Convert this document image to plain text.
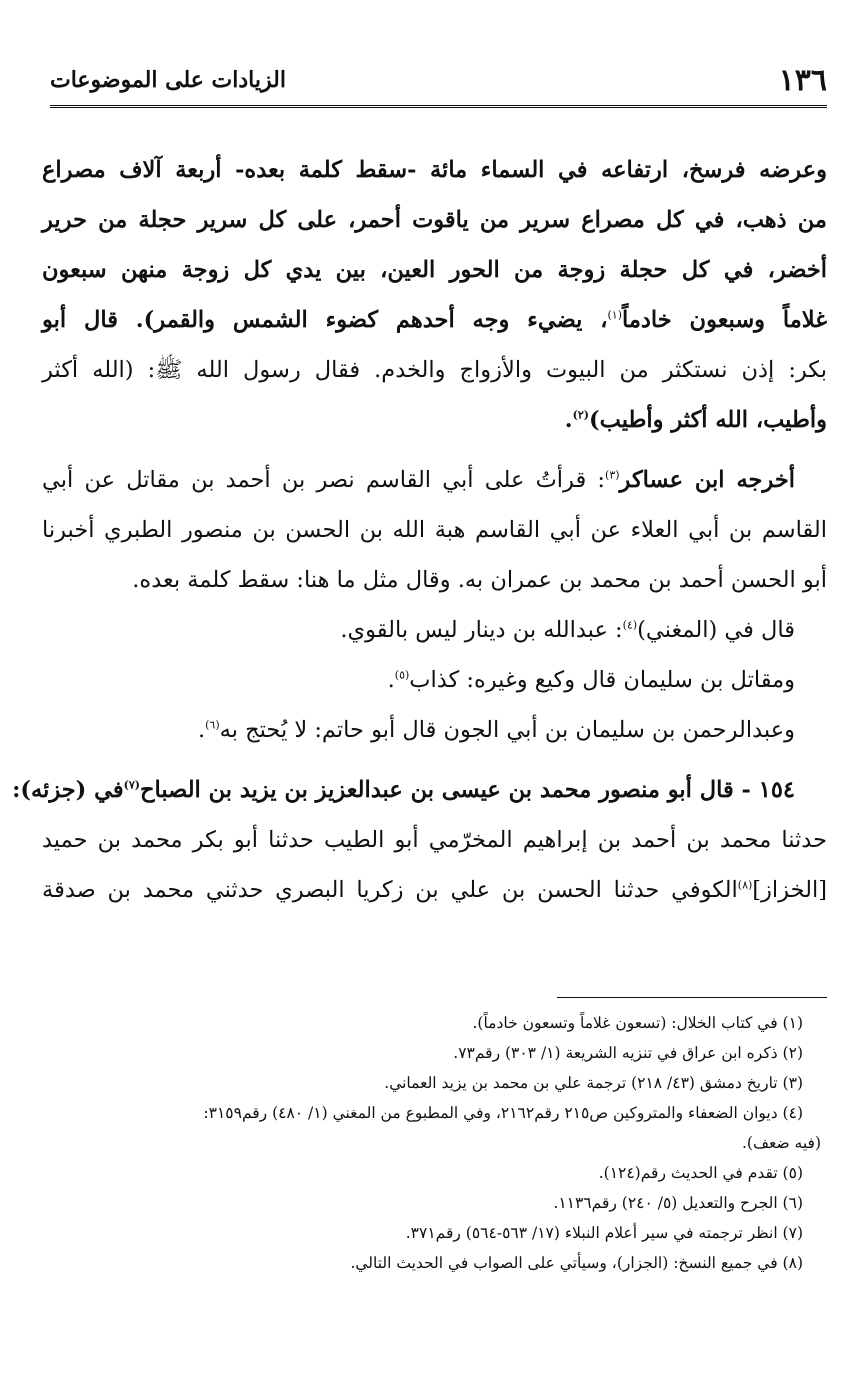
١٣٦
الزيادات على الموضوعات
وعرضه فرسخ، ارتفاعه في السماء مائة -سقط كلمة بعده- أربعة آلاف مصراع
من ذهب، في كل مصراع سرير من ياقوت أحمر، على كل سرير حجلة من حرير
أخضر، في كل حجلة زوجة من الحور العين، بين يدي كل زوجة منهن سبعون
غلاماً وسبعون خادماً$^{(١)}$، يضيء وجه أحدهم كضوء الشمس والقمر). قال أبو
بكر: إذن نستكثر من البيوت والأزواج والخدم. فقال رسول الله ﷺ: (الله أكثر
وأطيب، الله أكثر وأطيب)$^{(٢)}$.
أخرجه ابن عساكر$^{(٣)}$: قرأتُ على أبي القاسم نصر بن أحمد بن مقاتل عن أبي
القاسم بن أبي العلاء عن أبي القاسم هبة الله بن الحسن بن منصور الطبري أخبرنا
أبو الحسن أحمد بن محمد بن عمران به. وقال مثل ما هنا: سقط كلمة بعده.
قال في (المغني)$^{(٤)}$: عبدالله بن دينار ليس بالقوي.
ومقاتل بن سليمان قال وكيع وغيره: كذاب$^{(٥)}$.
وعبدالرحمن بن سليمان بن أبي الجون قال أبو حاتم: لا يُحتج به$^{(٦)}$.
١٥٤ - قال أبو منصور محمد بن عيسى بن عبدالعزيز بن يزيد بن الصباح$^{(٧)}$في (جزئه):
حدثنا محمد بن أحمد بن إبراهيم المخرّمي أبو الطيب حدثنا أبو بكر محمد بن حميد
[الخزاز]$^{(٨)}$الكوفي حدثنا الحسن بن علي بن زكريا البصري حدثني محمد بن صدقة
(١) في كتاب الخلال: (تسعون غلاماً وتسعون خادماً).
(٢) ذكره ابن عراق في تنزيه الشريعة (١/ ٣٠٣) رقم٧٣.
(٣) تاريخ دمشق (٤٣/ ٢١٨) ترجمة علي بن محمد بن يزيد العماني.
(٤) ديوان الضعفاء والمتروكين ص٢١٥ رقم٢١٦٢، وفي المطبوع من المغني (١/ ٤٨٠) رقم٣١٥٩:
(فيه ضعف).
(٥) تقدم في الحديث رقم(١٢٤).
(٦) الجرح والتعديل (٥/ ٢٤٠) رقم١١٣٦.
(٧) انظر ترجمته في سير أعلام النبلاء (١٧/ ٥٦٣-٥٦٤) رقم٣٧١.
(٨) في جميع النسخ: (الجزار)، وسيأتي على الصواب في الحديث التالي.
